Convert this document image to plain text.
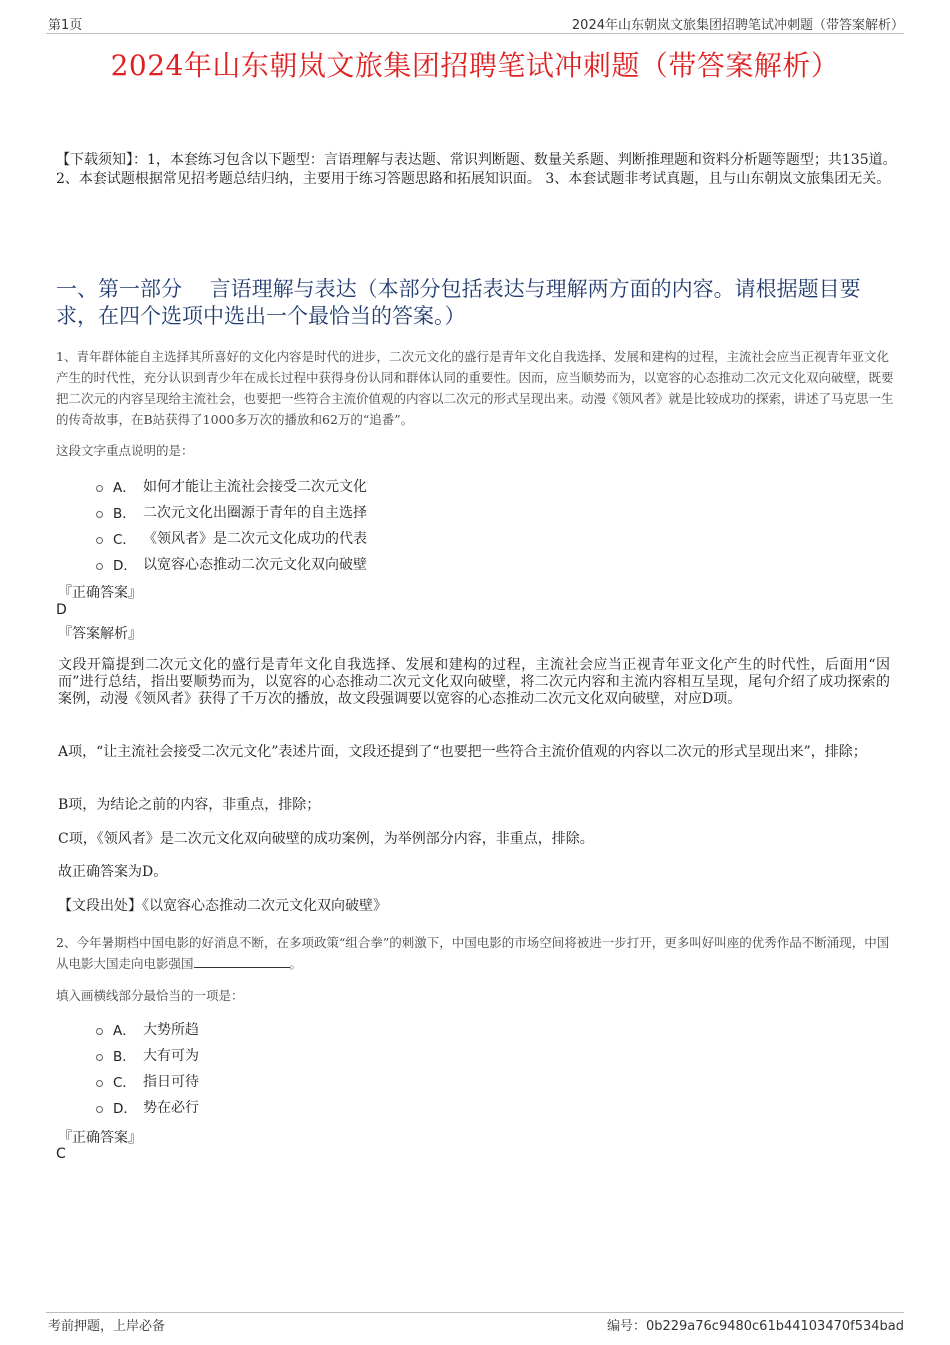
第1页	2024年山东朝岚文旅集团招聘笔试冲刺题（带答案解析）
2024年山东朝岚文旅集团招聘笔试冲刺题（带答案解析）
【下载须知】：1，本套练习包含以下题型：言语理解与表达题、常识判断题、数量关系题、判断推理题和资料分析题等题型；共135道。 2、本套试题根据常见招考题总结归纳，主要用于练习答题思路和拓展知识面。 3、本套试题非考试真题，且与山东朝岚文旅集团无关。
一、第一部分　 言语理解与表达（本部分包括表达与理解两方面的内容。请根据题目要求，在四个选项中选出一个最恰当的答案。）
1、青年群体能自主选择其所喜好的文化内容是时代的进步，二次元文化的盛行是青年文化自我选择、发展和建构的过程，主流社会应当正视青年亚文化产生的时代性，充分认识到青少年在成长过程中获得身份认同和群体认同的重要性。因而，应当顺势而为，以宽容的心态推动二次元文化双向破壁，既要把二次元的内容呈现给主流社会，也要把一些符合主流价值观的内容以二次元的形式呈现出来。动漫《领风者》就是比较成功的探索，讲述了马克思一生的传奇故事，在B站获得了1000多万次的播放和62万的“追番”。
这段文字重点说明的是：
A． 如何才能让主流社会接受二次元文化
B． 二次元文化出圈源于青年的自主选择
C． 《领风者》是二次元文化成功的代表
D． 以宽容心态推动二次元文化双向破壁
『正确答案』
D
『答案解析』
文段开篇提到二次元文化的盛行是青年文化自我选择、发展和建构的过程，主流社会应当正视青年亚文化产生的时代性，后面用“因而”进行总结，指出要顺势而为，以宽容的心态推动二次元文化双向破壁，将二次元内容和主流内容相互呈现，尾句介绍了成功探索的案例，动漫《领风者》获得了千万次的播放，故文段强调要以宽容的心态推动二次元文化双向破壁，对应D项。
A项，“让主流社会接受二次元文化”表述片面，文段还提到了“也要把一些符合主流价值观的内容以二次元的形式呈现出来”，排除；
B项，为结论之前的内容，非重点，排除；
C项，《领风者》是二次元文化双向破壁的成功案例，为举例部分内容，非重点，排除。
故正确答案为D。
【文段出处】《以宽容心态推动二次元文化双向破壁》
2、今年暑期档中国电影的好消息不断，在多项政策“组合拳”的刺激下，中国电影的市场空间将被进一步打开，更多叫好叫座的优秀作品不断涌现，中国从电影大国走向电影强国	。
填入画横线部分最恰当的一项是：
A． 大势所趋
B． 大有可为
C． 指日可待
D． 势在必行
『正确答案』
C
考前押题，上岸必备	编号：0b229a76c9480c61b44103470f534bad
